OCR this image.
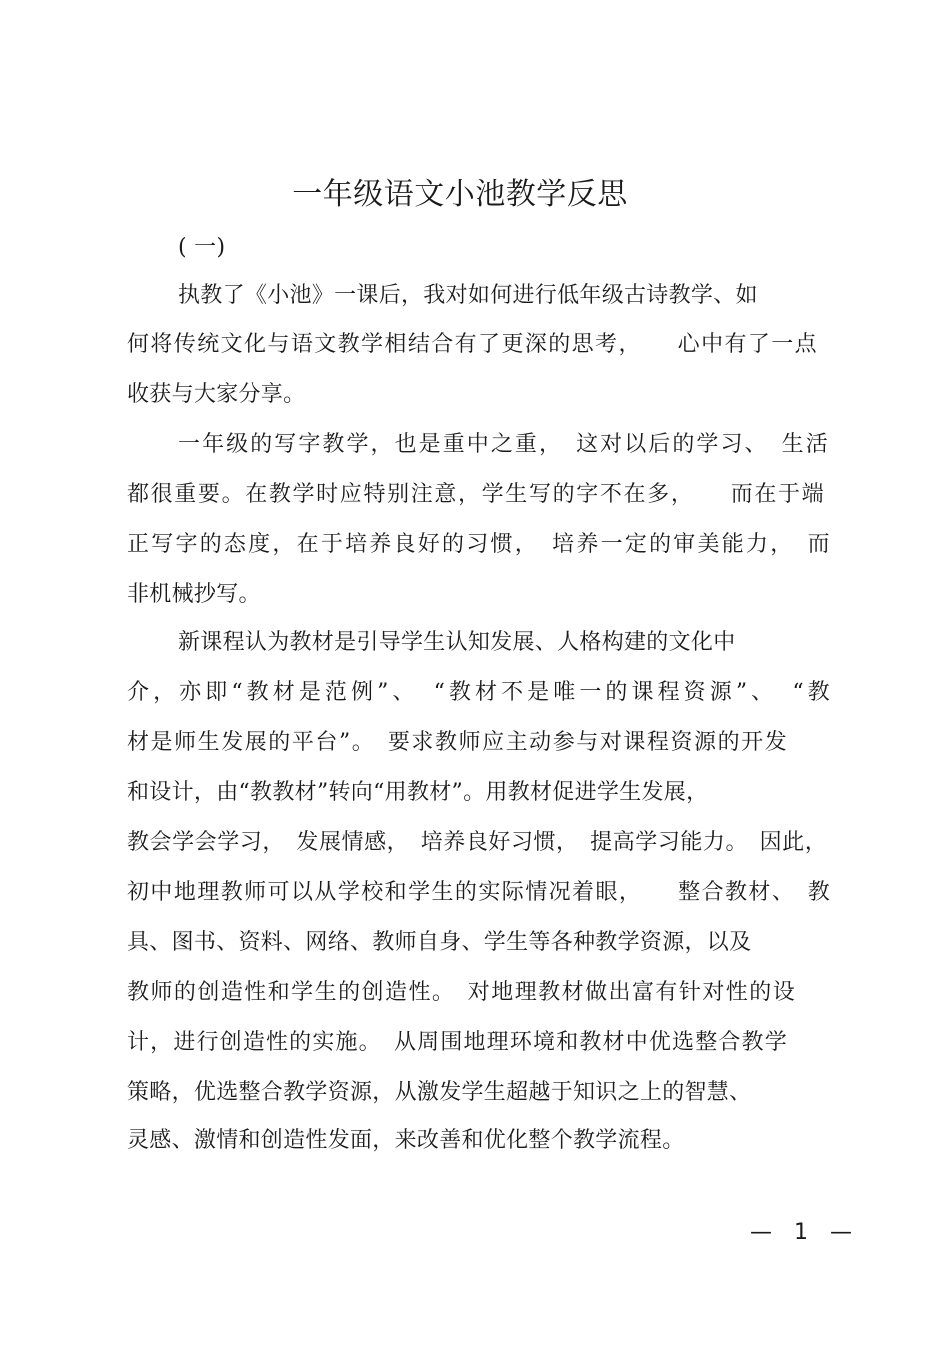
一年级语文小池教学反思
( 一)
执教了《小池》一课后，我对如何进行低年级古诗教学、如
何将传统文化与语文教学相结合有了更深的思考，　　心中有了一点
收获与大家分享。
一年级的写字教学，也是重中之重，　这对以后的学习、　生活
都很重要。在教学时应特别注意，学生写的字不在多，　　而在于端
正写字的态度，在于培养良好的习惯，　培养一定的审美能力，　而
非机械抄写。
新课程认为教材是引导学生认知发展、人格构建的文化中
介，亦即“教材是范例”、　“教材不是唯一的课程资源”、　“教
材是师生发展的平台”。　要求教师应主动参与对课程资源的开发
和设计，由“教教材”转向“用教材”。用教材促进学生发展，
教会学会学习，　发展情感，　培养良好习惯，　提高学习能力。　因此，
初中地理教师可以从学校和学生的实际情况着眼，　　整合教材、　教
具、图书、资料、网络、教师自身、学生等各种教学资源，以及
教师的创造性和学生的创造性。　对地理教材做出富有针对性的设
计，进行创造性的实施。　从周围地理环境和教材中优选整合教学
策略，优选整合教学资源，从激发学生超越于知识之上的智慧、
灵感、激情和创造性发面，来改善和优化整个教学流程。
—　1　—
